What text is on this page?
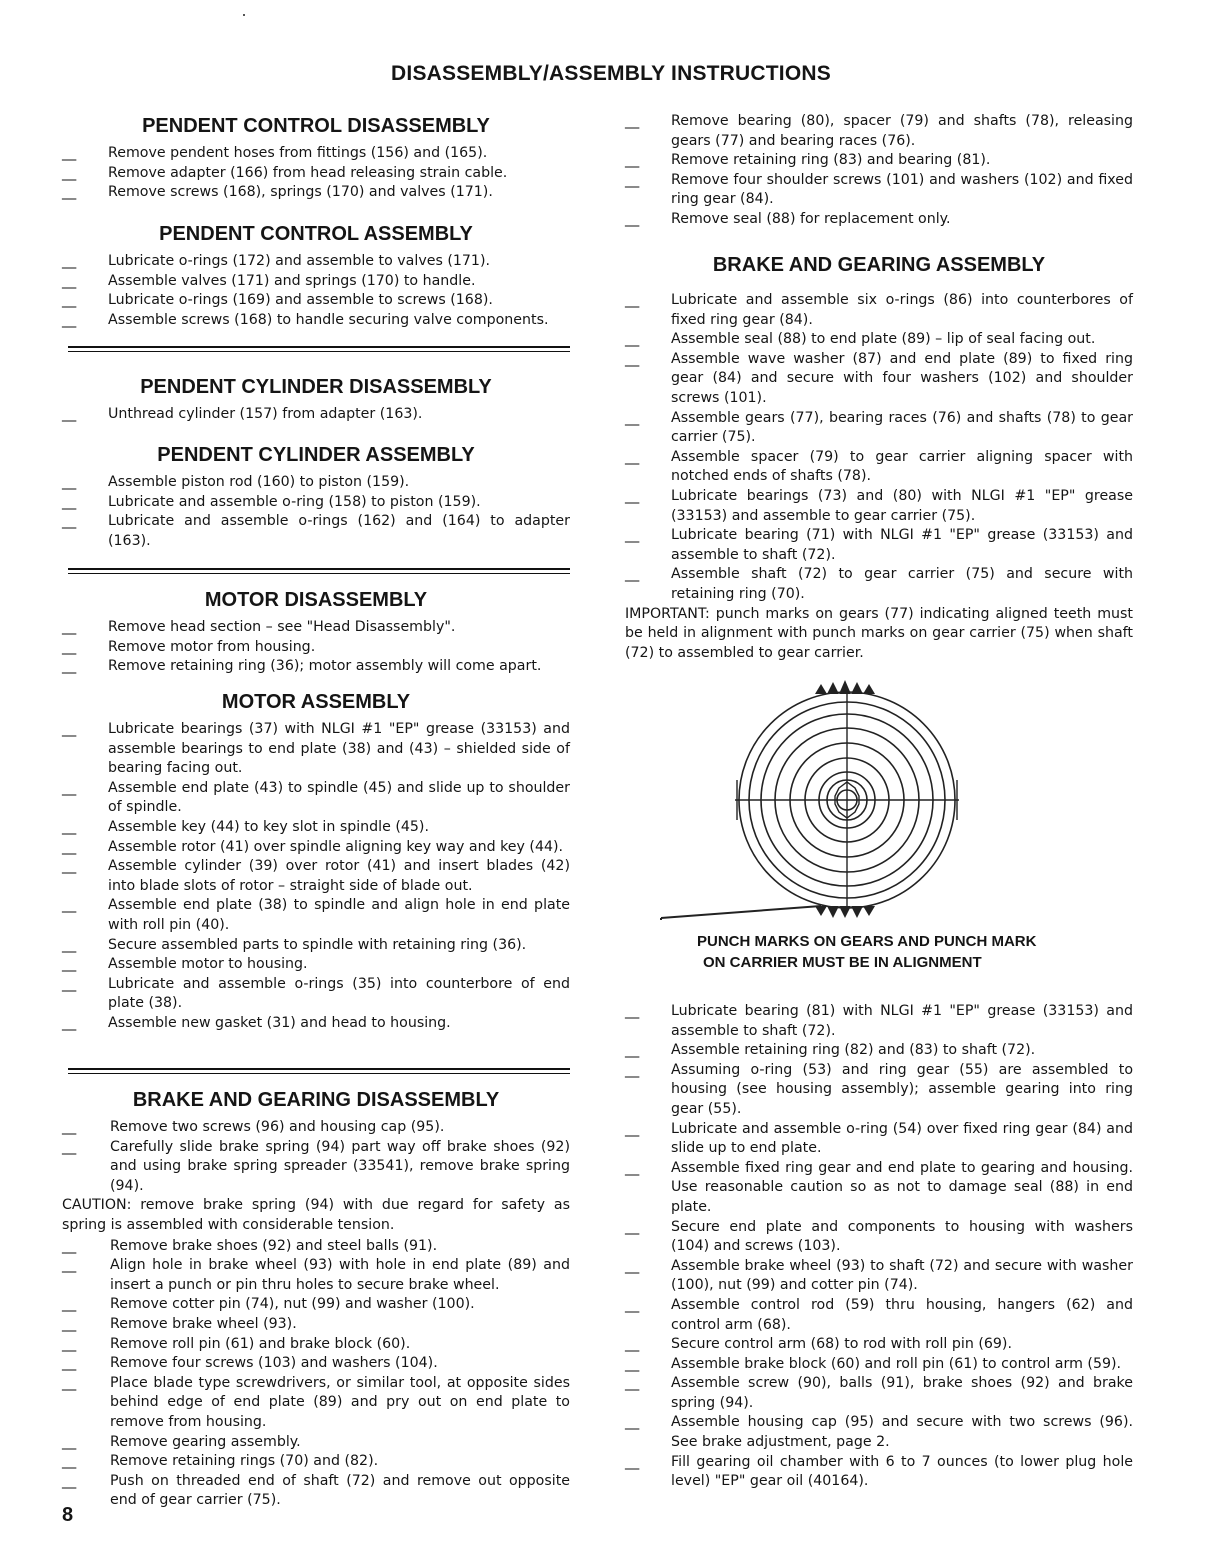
DISASSEMBLY/ASSEMBLY INSTRUCTIONS
PENDENT CONTROL DISASSEMBLY
__ Remove pendent hoses from fittings (156) and (165).
__ Remove adapter (166) from head releasing strain cable.
__ Remove screws (168), springs (170) and valves (171).
PENDENT CONTROL ASSEMBLY
__ Lubricate o-rings (172) and assemble to valves (171).
__ Assemble valves (171) and springs (170) to handle.
__ Lubricate o-rings (169) and assemble to screws (168).
__ Assemble screws (168) to handle securing valve components.
PENDENT CYLINDER DISASSEMBLY
__ Unthread cylinder (157) from adapter (163).
PENDENT CYLINDER ASSEMBLY
__ Assemble piston rod (160) to piston (159).
__ Lubricate and assemble o-ring (158) to piston (159).
__ Lubricate and assemble o-rings (162) and (164) to adapter (163).
MOTOR DISASSEMBLY
__ Remove head section – see "Head Disassembly".
__ Remove motor from housing.
__ Remove retaining ring (36); motor assembly will come apart.
MOTOR ASSEMBLY
__ Lubricate bearings (37) with NLGI #1 "EP" grease (33153) and assemble bearings to end plate (38) and (43) – shielded side of bearing facing out.
__ Assemble end plate (43) to spindle (45) and slide up to shoulder of spindle.
__ Assemble key (44) to key slot in spindle (45).
__ Assemble rotor (41) over spindle aligning key way and key (44).
__ Assemble cylinder (39) over rotor (41) and insert blades (42) into blade slots of rotor – straight side of blade out.
__ Assemble end plate (38) to spindle and align hole in end plate with roll pin (40).
__ Secure assembled parts to spindle with retaining ring (36).
__ Assemble motor to housing.
__ Lubricate and assemble o-rings (35) into counterbore of end plate (38).
__ Assemble new gasket (31) and head to housing.
BRAKE AND GEARING DISASSEMBLY
__ Remove two screws (96) and housing cap (95).
__ Carefully slide brake spring (94) part way off brake shoes (92) and using brake spring spreader (33541), remove brake spring (94).

CAUTION: remove brake spring (94) with due regard for safety as spring is assembled with considerable tension.

__ Remove brake shoes (92) and steel balls (91).
__ Align hole in brake wheel (93) with hole in end plate (89) and insert a punch or pin thru holes to secure brake wheel.
__ Remove cotter pin (74), nut (99) and washer (100).
__ Remove brake wheel (93).
__ Remove roll pin (61) and brake block (60).
__ Remove four screws (103) and washers (104).
__ Place blade type screwdrivers, or similar tool, at opposite sides behind edge of end plate (89) and pry out on end plate to remove from housing.
__ Remove gearing assembly.
__ Remove retaining rings (70) and (82).
__ Push on threaded end of shaft (72) and remove out opposite end of gear carrier (75).
__ Remove bearing (80), spacer (79) and shafts (78), releasing gears (77) and bearing races (76).
__ Remove retaining ring (83) and bearing (81).
__ Remove four shoulder screws (101) and washers (102) and fixed ring gear (84).
__ Remove seal (88) for replacement only.
BRAKE AND GEARING ASSEMBLY
__ Lubricate and assemble six o-rings (86) into counterbores of fixed ring gear (84).
__ Assemble seal (88) to end plate (89) – lip of seal facing out.
__ Assemble wave washer (87) and end plate (89) to fixed ring gear (84) and secure with four washers (102) and shoulder screws (101).
__ Assemble gears (77), bearing races (76) and shafts (78) to gear carrier (75).
__ Assemble spacer (79) to gear carrier aligning spacer with notched ends of shafts (78).
__ Lubricate bearings (73) and (80) with NLGI #1 "EP" grease (33153) and assemble to gear carrier (75).
__ Lubricate bearing (71) with NLGI #1 "EP" grease (33153) and assemble to shaft (72).
__ Assemble shaft (72) to gear carrier (75) and secure with retaining ring (70).

IMPORTANT: punch marks on gears (77) indicating aligned teeth must be held in alignment with punch marks on gear carrier (75) when shaft (72) to assembled to gear carrier.

PUNCH MARKS ON GEARS AND PUNCH MARK
ON CARRIER MUST BE IN ALIGNMENT
__ Lubricate bearing (81) with NLGI #1 "EP" grease (33153) and assemble to shaft (72).
__ Assemble retaining ring (82) and (83) to shaft (72).
__ Assuming o-ring (53) and ring gear (55) are assembled to housing (see housing assembly); assemble gearing into ring gear (55).
__ Lubricate and assemble o-ring (54) over fixed ring gear (84) and slide up to end plate.
__ Assemble fixed ring gear and end plate to gearing and housing. Use reasonable caution so as not to damage seal (88) in end plate.
__ Secure end plate and components to housing with washers (104) and screws (103).
__ Assemble brake wheel (93) to shaft (72) and secure with washer (100), nut (99) and cotter pin (74).
__ Assemble control rod (59) thru housing, hangers (62) and control arm (68).
__ Secure control arm (68) to rod with roll pin (69).
__ Assemble brake block (60) and roll pin (61) to control arm (59).
__ Assemble screw (90), balls (91), brake shoes (92) and brake spring (94).
__ Assemble housing cap (95) and secure with two screws (96). See brake adjustment, page 2.
__ Fill gearing oil chamber with 6 to 7 ounces (to lower plug hole level) "EP" gear oil (40164).
8
